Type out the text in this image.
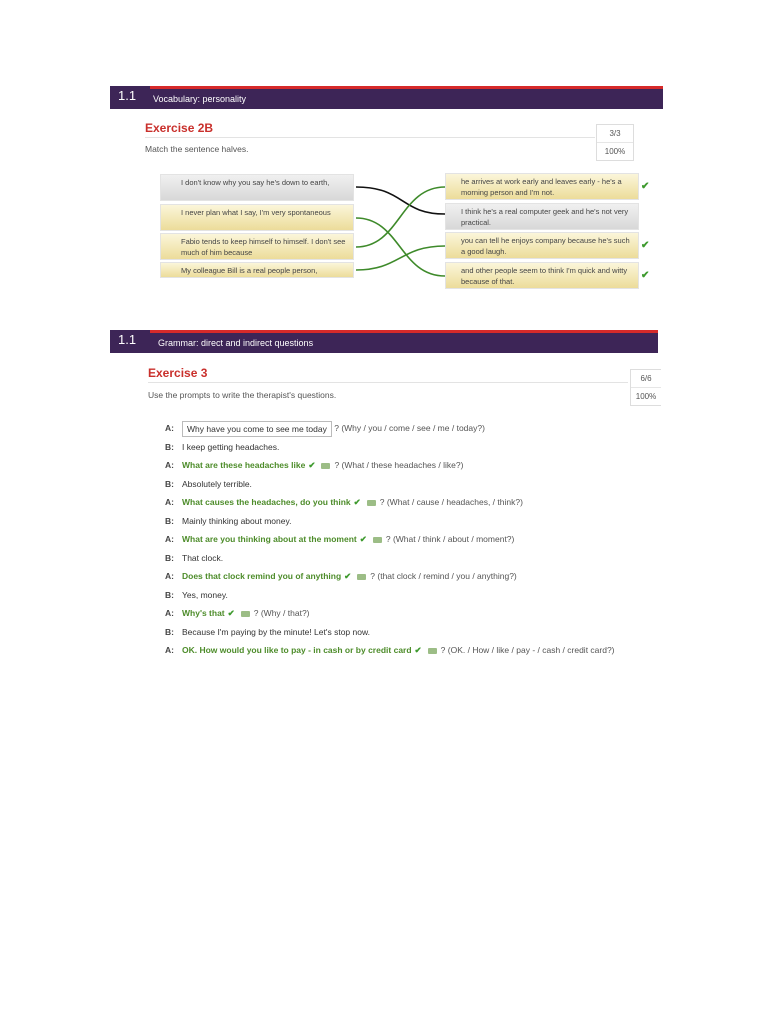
1.1	Vocabulary: personality
Exercise 2B
Match the sentence halves.
3/3
100%
I don't know why you say he's down to earth,
I never plan what I say, I'm very spontaneous
Fabio tends to keep himself to himself. I don't see much of him because
My colleague Bill is a real people person,
he arrives at work early and leaves early - he's a morning person and I'm not.
I think he's a real computer geek and he's not very practical.
you can tell he enjoys company because he's such a good laugh.
and other people seem to think I'm quick and witty because of that.
✔
✔
✔
1.1	Grammar: direct and indirect questions
Exercise 3
Use the prompts to write the therapist's questions.
6/6
100%
A:	Why have you come to see me today ? (Why / you / come / see / me / today?)
B: I keep getting headaches.
A: What are these headaches like ✔ ? (What / these headaches / like?)
B: Absolutely terrible.
A: What causes the headaches, do you think ✔ ? (What / cause / headaches, / think?)
B: Mainly thinking about money.
A: What are you thinking about at the moment ✔ ? (What / think / about / moment?)
B: That clock.
A: Does that clock remind you of anything ✔ ? (that clock / remind / you / anything?)
B: Yes, money.
A: Why's that ✔ ? (Why / that?)
B: Because I'm paying by the minute! Let's stop now.
A: OK. How would you like to pay - in cash or by credit card ✔ ? (OK. / How / like / pay - / cash / credit card?)
